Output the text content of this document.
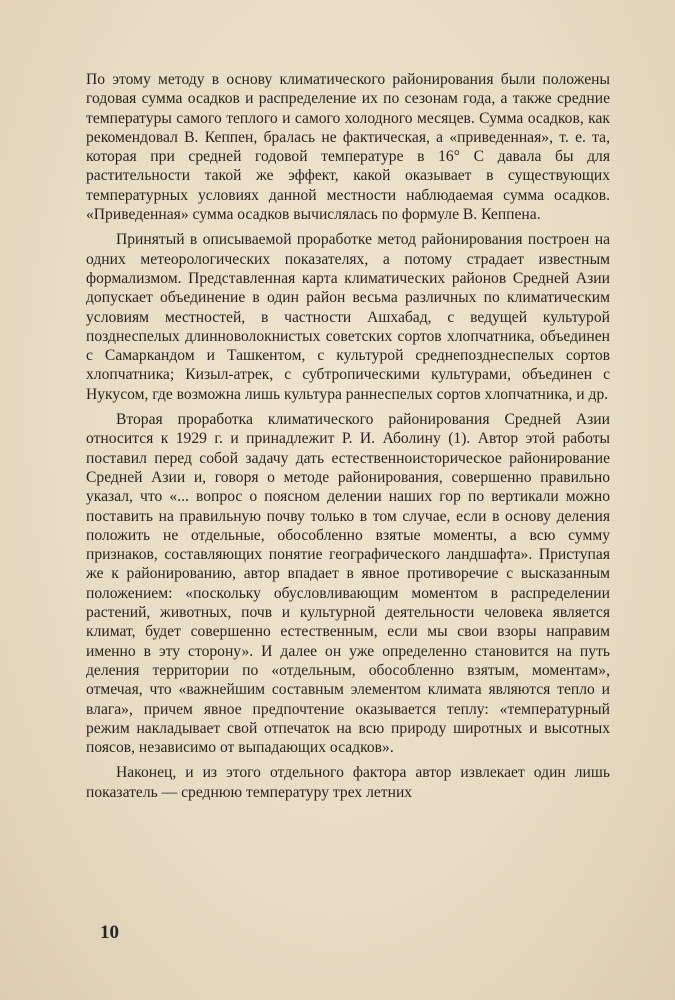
По этому методу в основу климатического районирования были положены годовая сумма осадков и распределение их по сезонам года, а также средние температуры самого теплого и самого холодного месяцев. Сумма осадков, как рекомендовал В. Кеппен, бралась не фактическая, а «приведенная», т. е. та, которая при средней годовой температуре в 16° С давала бы для растительности такой же эффект, какой оказывает в существующих температурных условиях данной местности наблюдаемая сумма осадков. «Приведенная» сумма осадков вычислялась по формуле В. Кеппена.

Принятый в описываемой проработке метод районирования построен на одних метеорологических показателях, а потому страдает известным формализмом. Представленная карта климатических районов Средней Азии допускает объединение в один район весьма различных по климатическим условиям местностей, в частности Ашхабад, с ведущей культурой позднеспелых длинноволокнистых советских сортов хлопчатника, объединен с Самаркандом и Ташкентом, с культурой среднепозднеспелых сортов хлопчатника; Кизыл-атрек, с субтропическими культурами, объединен с Нукусом, где возможна лишь культура раннеспелых сортов хлопчатника, и др.

Вторая проработка климатического районирования Средней Азии относится к 1929 г. и принадлежит Р. И. Аболину (1). Автор этой работы поставил перед собой задачу дать естественноисторическое районирование Средней Азии и, говоря о методе районирования, совершенно правильно указал, что «... вопрос о поясном делении наших гор по вертикали можно поставить на правильную почву только в том случае, если в основу деления положить не отдельные, обособленно взятые моменты, а всю сумму признаков, составляющих понятие географического ландшафта». Приступая же к районированию, автор впадает в явное противоречие с высказанным положением: «поскольку обусловливающим моментом в распределении растений, животных, почв и культурной деятельности человека является климат, будет совершенно естественным, если мы свои взоры направим именно в эту сторону». И далее он уже определенно становится на путь деления территории по «отдельным, обособленно взятым, моментам», отмечая, что «важнейшим составным элементом климата являются тепло и влага», причем явное предпочтение оказывается теплу: «температурный режим накладывает свой отпечаток на всю природу широтных и высотных поясов, независимо от выпадающих осадков».

Наконец, и из этого отдельного фактора автор извлекает один лишь показатель — среднюю температуру трех летних

10
